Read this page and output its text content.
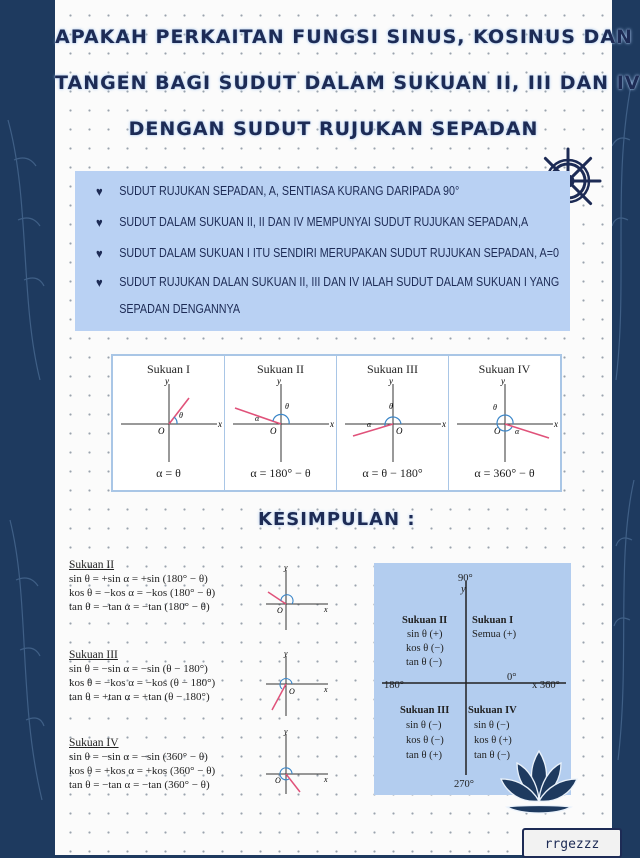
APAKAH PERKAITAN FUNGSI SINUS, KOSINUS DAN
TANGEN BAGI SUDUT DALAM SUKUAN II, III DAN IV
DENGAN SUDUT RUJUKAN SEPADAN
♥ SUDUT RUJUKAN SEPADAN, A, SENTIASA KURANG DARIPADA 90°
♥ SUDUT DALAM SUKUAN II, II DAN IV MEMPUNYAI SUDUT RUJUKAN SEPADAN,A
♥ SUDUT DALAM SUKUAN I ITU SENDIRI MERUPAKAN SUDUT RUJUKAN SEPADAN, A=0
♥ SUDUT RUJUKAN DALAN SUKUAN II, III DAN IV IALAH SUDUT DALAM SUKUAN I YANG
SEPADAN DENGANNYA
Sukuan I
x
y
O
θ
α = θ
Sukuan II
x
y
O
θ
α
α = 180° − θ
Sukuan III
x
y
O
θ
α
α = θ − 180°
Sukuan IV
x
y
O
θ
α
α = 360° − θ
KESIMPULAN :
Sukuan II
sin θ = +sin α = +sin (180° − θ)
kos θ = −kos α = −kos (180° − θ)
tan θ = −tan α = −tan (180° − θ)	O
y
x
Sukuan III
sin θ = −sin α = −sin (θ − 180°)
kos θ = −kos α = −kos (θ − 180°)
tan θ = +tan α = +tan (θ − 180°)	O
y
x
Sukuan IV
sin θ = −sin α = −sin (360° − θ)
kos θ = +kos α = +kos (360° − θ)
tan θ = −tan α = −tan (360° − θ)	O
y
x
90°
y
180°
0°
x 360°
270°
Sukuan II
sin θ (+)
kos θ (−)
tan θ (−)
Sukuan I
Semua (+)
Sukuan III
sin θ (−)
kos θ (−)
tan θ (+)
Sukuan IV
sin θ (−)
kos θ (+)
tan θ (−)
rrgezzz
